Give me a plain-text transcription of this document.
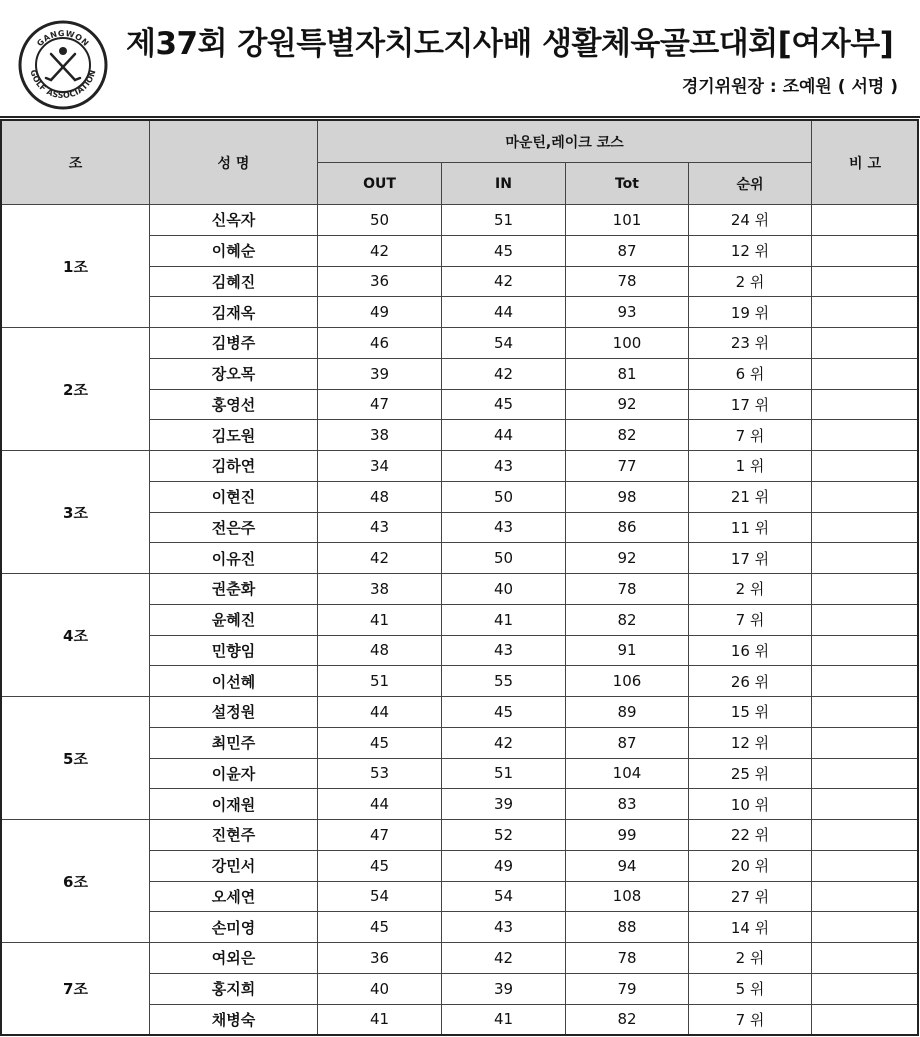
GANGWON
GOLF ASSOCIATION
제37회 강원특별자치도지사배 생활체육골프대회[여자부]
경기위원장 : 조예원 ( 서명 )
조	성 명	마운틴,레이크 코스				비 고
		OUT	IN	Tot	순위	
1조	신옥자	50	51	101	24 위	
	이혜순	42	45	87	12 위	
	김혜진	36	42	78	2 위	
	김재옥	49	44	93	19 위	
2조	김병주	46	54	100	23 위	
	장오목	39	42	81	6 위	
	홍영선	47	45	92	17 위	
	김도원	38	44	82	7 위	
3조	김하연	34	43	77	1 위	
	이현진	48	50	98	21 위	
	전은주	43	43	86	11 위	
	이유진	42	50	92	17 위	
4조	권춘화	38	40	78	2 위	
	윤혜진	41	41	82	7 위	
	민향임	48	43	91	16 위	
	이선혜	51	55	106	26 위	
5조	설정원	44	45	89	15 위	
	최민주	45	42	87	12 위	
	이윤자	53	51	104	25 위	
	이재원	44	39	83	10 위	
6조	진현주	47	52	99	22 위	
	강민서	45	49	94	20 위	
	오세연	54	54	108	27 위	
	손미영	45	43	88	14 위	
7조	여외은	36	42	78	2 위	
	홍지희	40	39	79	5 위	
	채병숙	41	41	82	7 위	
